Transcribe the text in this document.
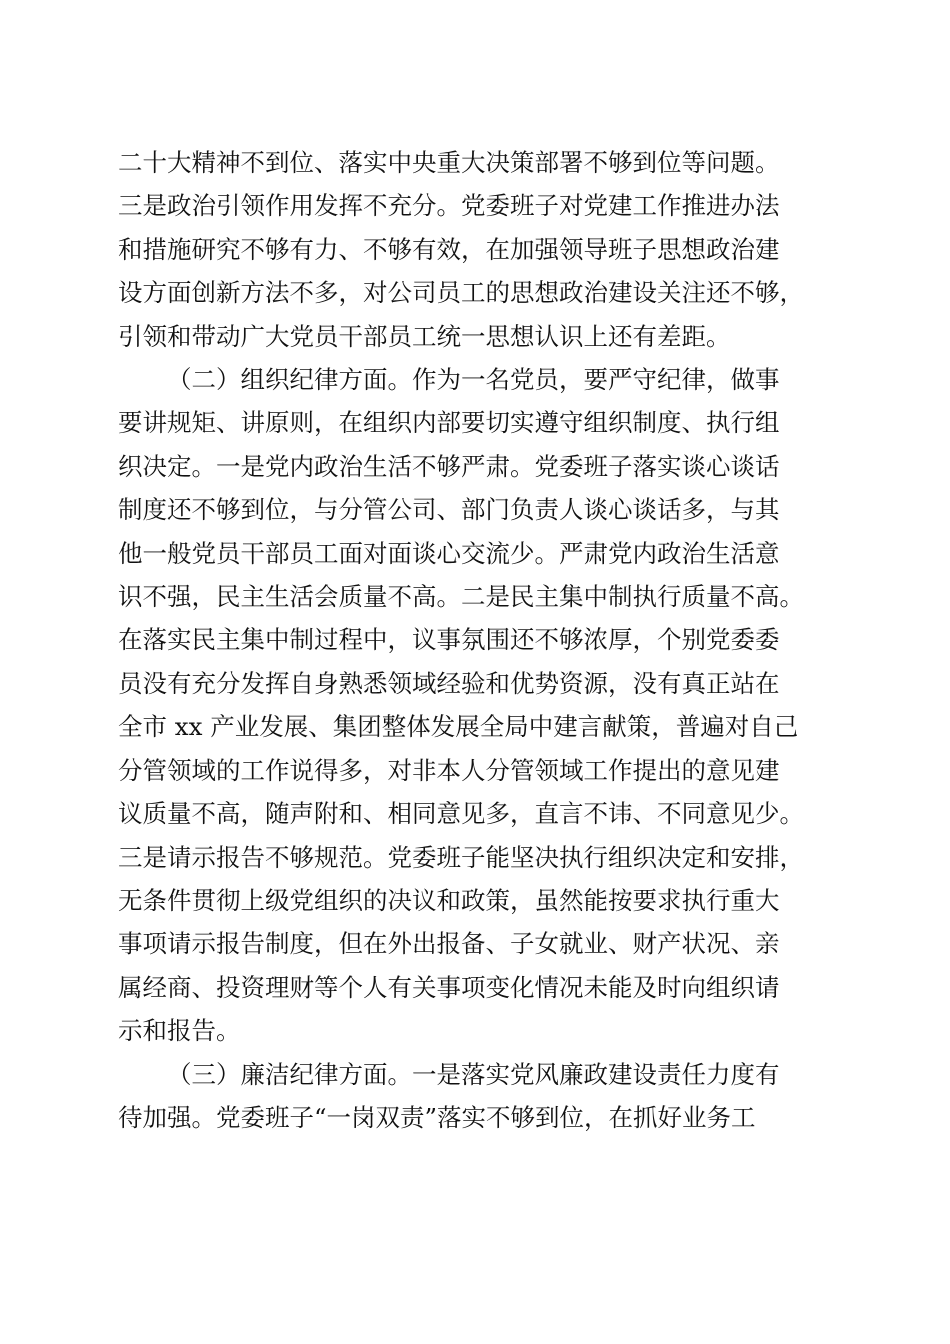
二十大精神不到位、落实中央重大决策部署不够到位等问题。
三是政治引领作用发挥不充分。党委班子对党建工作推进办法
和措施研究不够有力、不够有效，在加强领导班子思想政治建
设方面创新方法不多，对公司员工的思想政治建设关注还不够，
引领和带动广大党员干部员工统一思想认识上还有差距。
（二）组织纪律方面。作为一名党员，要严守纪律，做事
要讲规矩、讲原则，在组织内部要切实遵守组织制度、执行组
织决定。一是党内政治生活不够严肃。党委班子落实谈心谈话
制度还不够到位，与分管公司、部门负责人谈心谈话多，与其
他一般党员干部员工面对面谈心交流少。严肃党内政治生活意
识不强，民主生活会质量不高。二是民主集中制执行质量不高。
在落实民主集中制过程中，议事氛围还不够浓厚，个别党委委
员没有充分发挥自身熟悉领域经验和优势资源，没有真正站在
全市 xx 产业发展、集团整体发展全局中建言献策，普遍对自己
分管领域的工作说得多，对非本人分管领域工作提出的意见建
议质量不高，随声附和、相同意见多，直言不讳、不同意见少。
三是请示报告不够规范。党委班子能坚决执行组织决定和安排，
无条件贯彻上级党组织的决议和政策，虽然能按要求执行重大
事项请示报告制度，但在外出报备、子女就业、财产状况、亲
属经商、投资理财等个人有关事项变化情况未能及时向组织请
示和报告。
（三）廉洁纪律方面。一是落实党风廉政建设责任力度有
待加强。党委班子“一岗双责”落实不够到位，在抓好业务工
